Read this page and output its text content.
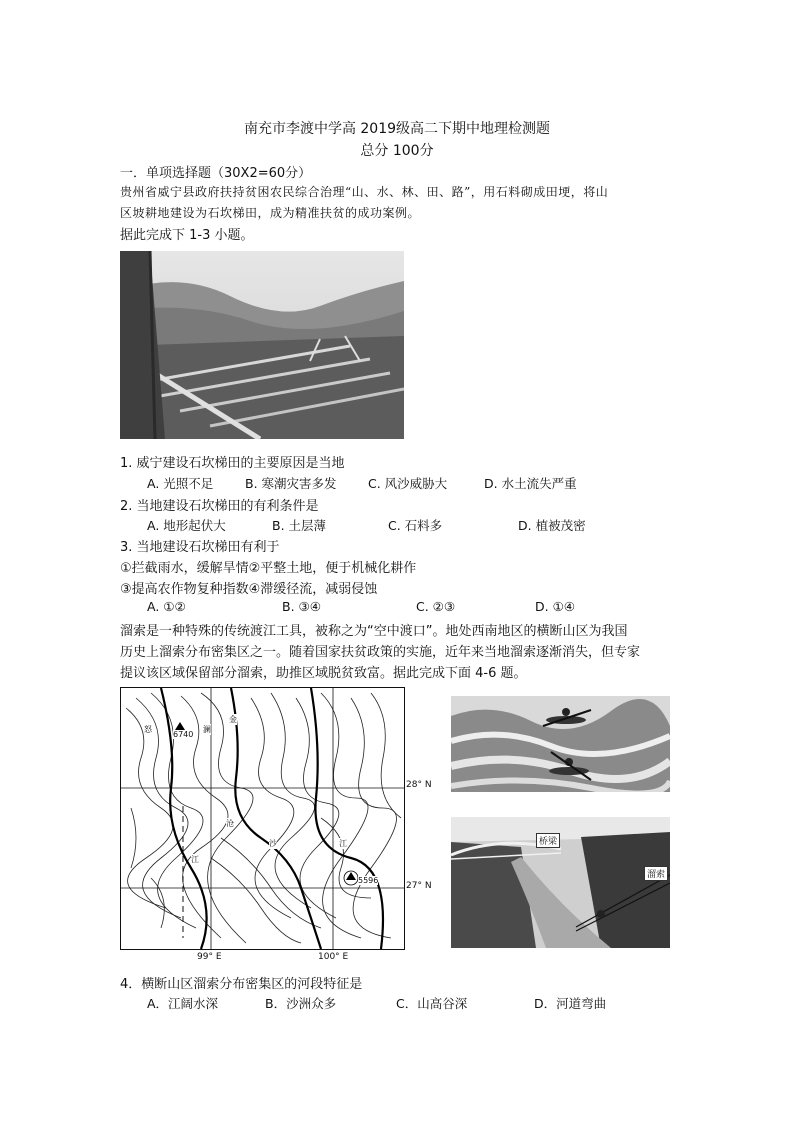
南充市李渡中学高 2019级高二下期中地理检测题
总分 100分
一．单项选择题（30X2=60分）
贵州省威宁县政府扶持贫困农民综合治理“山、水、林、田、路”，用石料砌成田埂，将山
区坡耕地建设为石坎梯田，成为精准扶贫的成功案例。
据此完成下 1-3 小题。
1. 威宁建设石坎梯田的主要原因是当地
A. 光照不足	B. 寒潮灾害多发	C. 风沙威胁大	D. 水土流失严重
2. 当地建设石坎梯田的有利条件是
A. 地形起伏大	B. 土层薄	C. 石料多	D. 植被茂密
3. 当地建设石坎梯田有利于
①拦截雨水，缓解旱情②平整土地，便于机械化耕作
③提高农作物复种指数④滞缓径流，减弱侵蚀
A. ①②	B. ③④	C. ②③	D. ①④
溜索是一种特殊的传统渡江工具，被称之为“空中渡口”。地处西南地区的横断山区为我国
历史上溜索分布密集区之一。随着国家扶贫政策的实施，近年来当地溜索逐渐消失，但专家
提议该区域保留部分溜索，助推区域脱贫致富。据此完成下面 4-6 题。
6740
5596
怒	澜
金
沧
沙
江
江
28° N
27° N
99° E	100° E
桥梁
溜索
4．横断山区溜索分布密集区的河段特征是
A．江阔水深	B．沙洲众多	C．山高谷深	D．河道弯曲
